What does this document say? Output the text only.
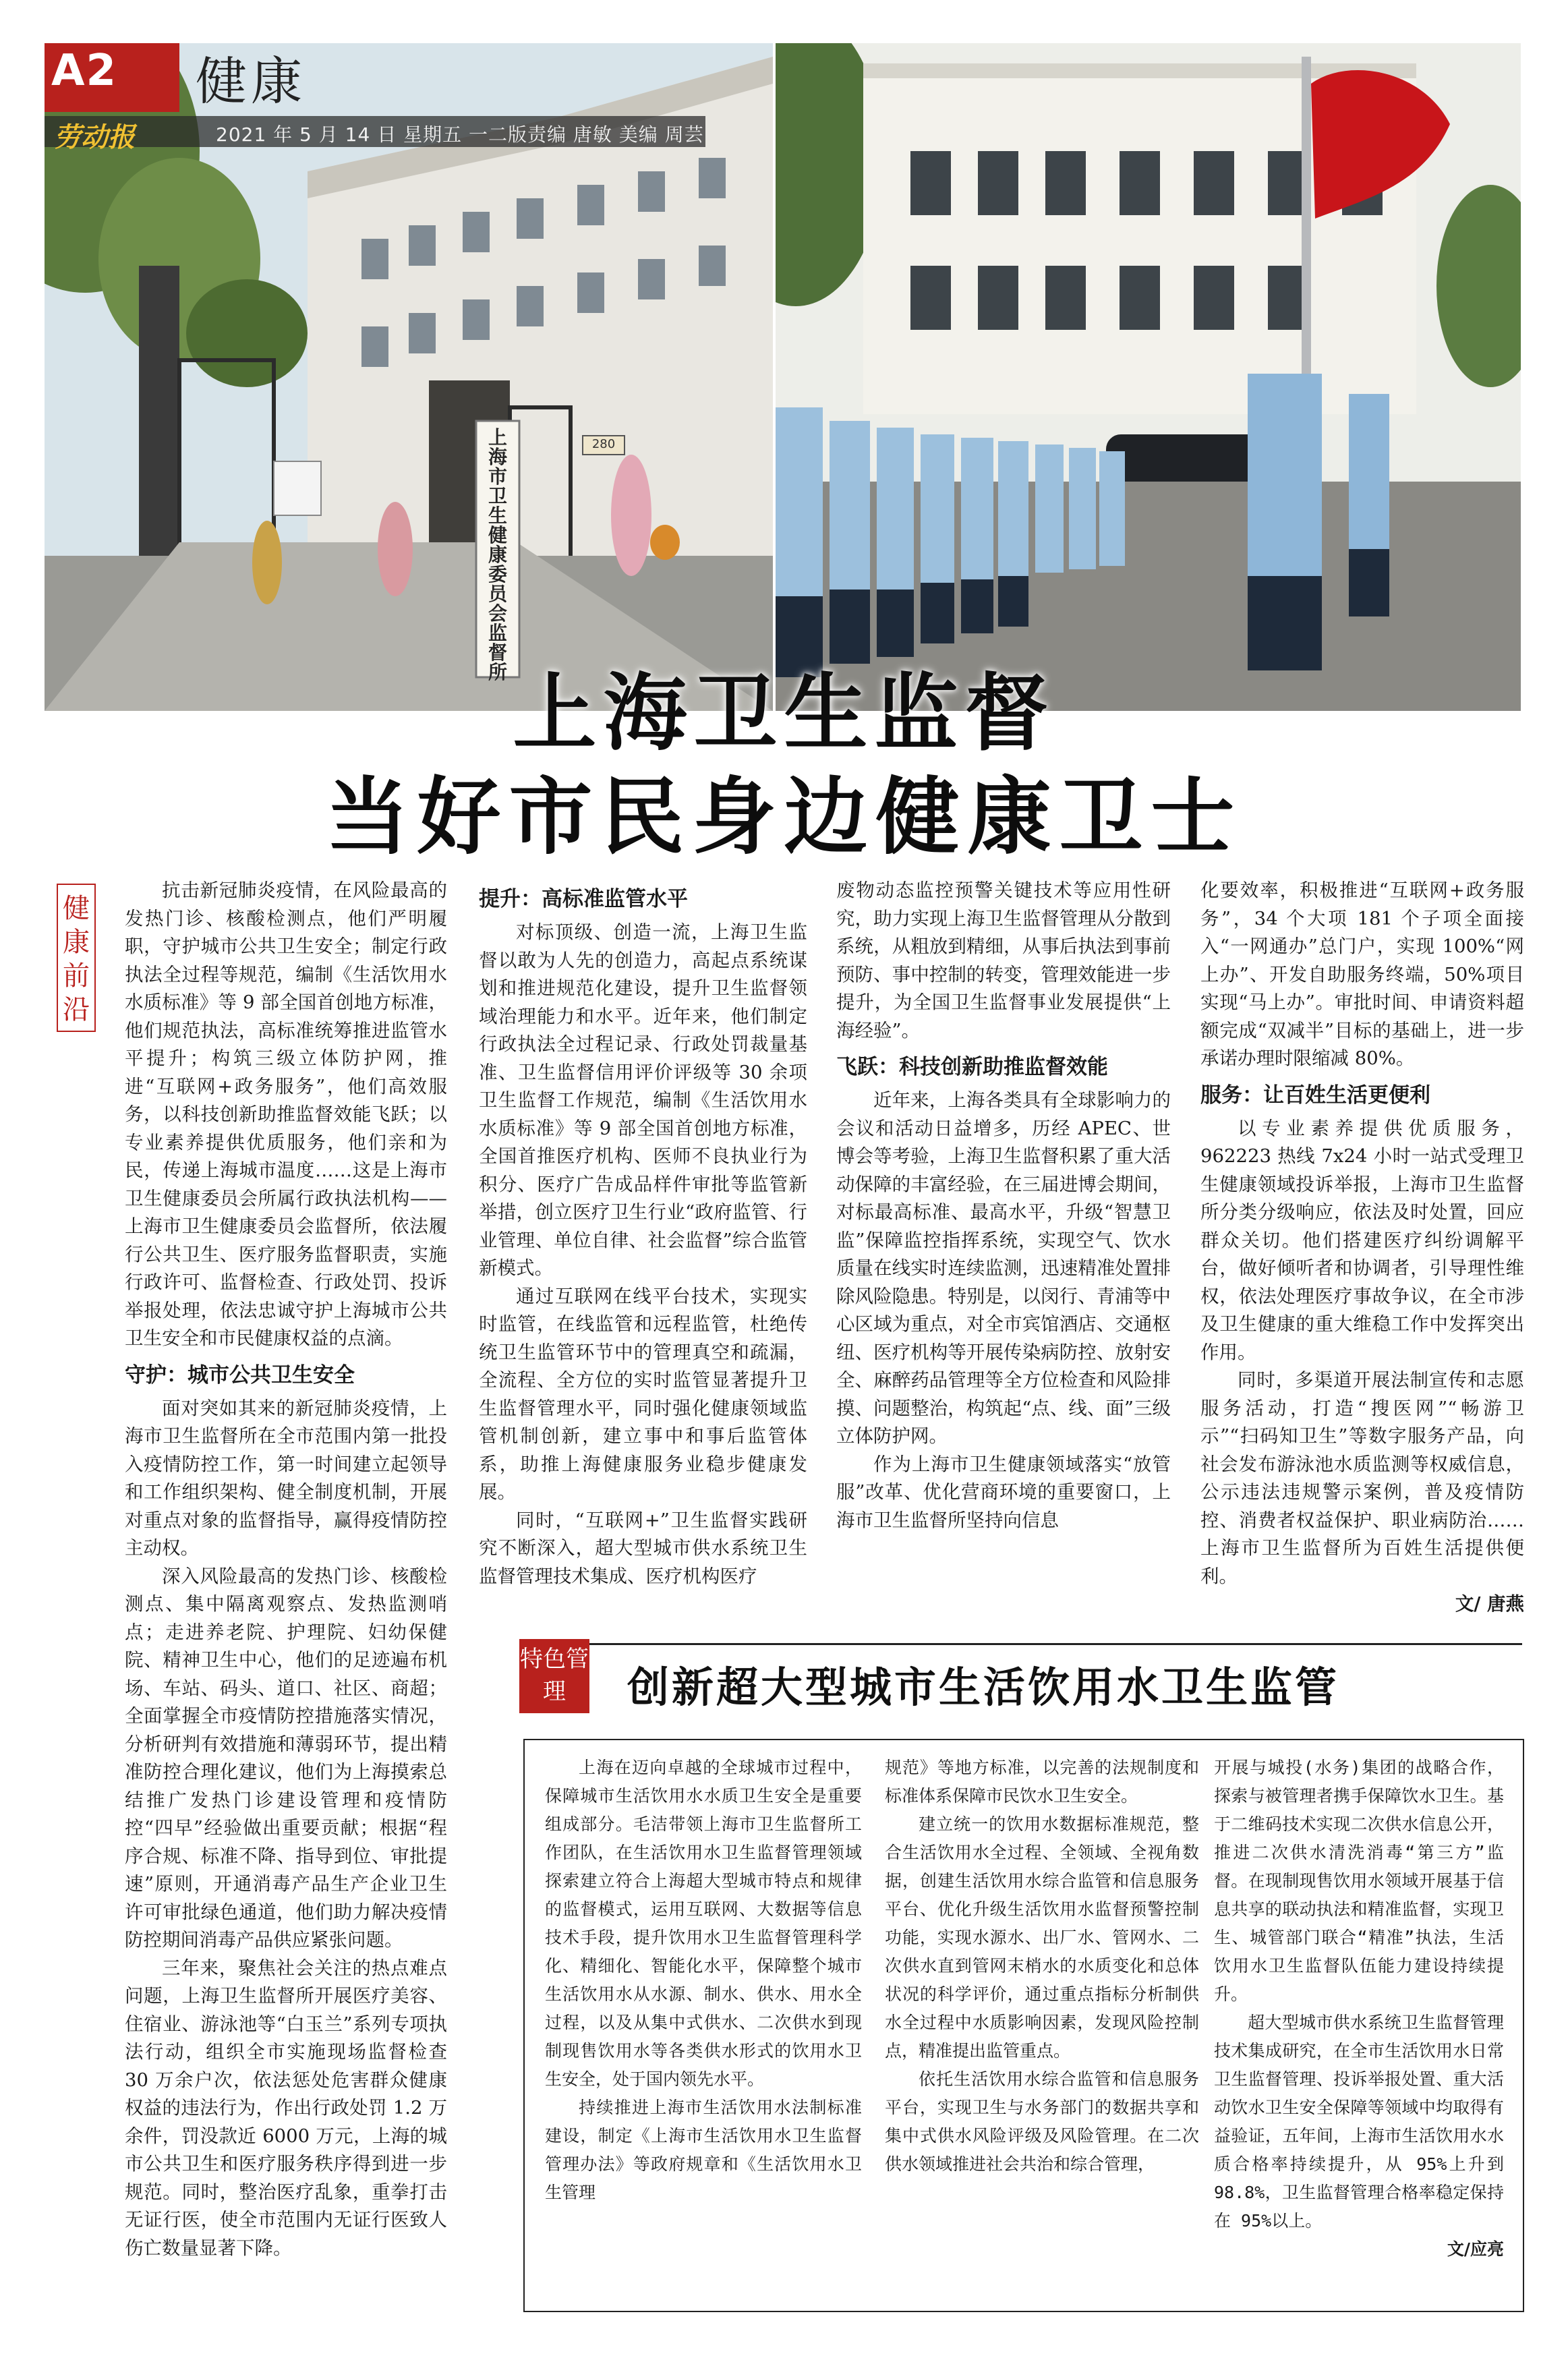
280
上海市卫生健康委员会监督所
A2 健康
劳动报	2021 年 5 月 14 日 星期五 一二版责编 唐敏 美编 周芸
上海卫生监督
当好市民身边健康卫士
健康前沿

抗击新冠肺炎疫情，在风险最高的发热门诊、核酸检测点，他们严明履职，守护城市公共卫生安全；制定行政执法全过程等规范，编制《生活饮用水水质标准》等 9 部全国首创地方标准，他们规范执法，高标准统筹推进监管水平提升；构筑三级立体防护网，推进“互联网+政务服务”，他们高效服务，以科技创新助推监督效能飞跃；以专业素养提供优质服务，他们亲和为民，传递上海城市温度……这是上海市卫生健康委员会所属行政执法机构——上海市卫生健康委员会监督所，依法履行公共卫生、医疗服务监督职责，实施行政许可、监督检查、行政处罚、投诉举报处理，依法忠诚守护上海城市公共卫生安全和市民健康权益的点滴。

守护：城市公共卫生安全

面对突如其来的新冠肺炎疫情，上海市卫生监督所在全市范围内第一批投入疫情防控工作，第一时间建立起领导和工作组织架构、健全制度机制，开展对重点对象的监督指导，赢得疫情防控主动权。

深入风险最高的发热门诊、核酸检测点、集中隔离观察点、发热监测哨点；走进养老院、护理院、妇幼保健院、精神卫生中心，他们的足迹遍布机场、车站、码头、道口、社区、商超；全面掌握全市疫情防控措施落实情况，分析研判有效措施和薄弱环节，提出精准防控合理化建议，他们为上海摸索总结推广发热门诊建设管理和疫情防控“四早”经验做出重要贡献；根据“程序合规、标准不降、指导到位、审批提速”原则，开通消毒产品生产企业卫生许可审批绿色通道，他们助力解决疫情防控期间消毒产品供应紧张问题。

三年来，聚焦社会关注的热点难点问题，上海卫生监督所开展医疗美容、住宿业、游泳池等“白玉兰”系列专项执法行动，组织全市实施现场监督检查 30 万余户次，依法惩处危害群众健康权益的违法行为，作出行政处罚 1.2 万余件，罚没款近 6000 万元，上海的城市公共卫生和医疗服务秩序得到进一步规范。同时，整治医疗乱象，重拳打击无证行医，使全市范围内无证行医致人伤亡数量显著下降。

提升：高标准监管水平

对标顶级、创造一流，上海卫生监督以敢为人先的创造力，高起点系统谋划和推进规范化建设，提升卫生监督领域治理能力和水平。近年来，他们制定行政执法全过程记录、行政处罚裁量基准、卫生监督信用评价评级等 30 余项卫生监督工作规范，编制《生活饮用水水质标准》等 9 部全国首创地方标准，全国首推医疗机构、医师不良执业行为积分、医疗广告成品样件审批等监管新举措，创立医疗卫生行业“政府监管、行业管理、单位自律、社会监督”综合监管新模式。

通过互联网在线平台技术，实现实时监管，在线监管和远程监管，杜绝传统卫生监管环节中的管理真空和疏漏，全流程、全方位的实时监管显著提升卫生监督管理水平，同时强化健康领域监管机制创新，建立事中和事后监管体系，助推上海健康服务业稳步健康发展。

同时，“互联网+”卫生监督实践研究不断深入，超大型城市供水系统卫生监督管理技术集成、医疗机构医疗

废物动态监控预警关键技术等应用性研究，助力实现上海卫生监督管理从分散到系统，从粗放到精细，从事后执法到事前预防、事中控制的转变，管理效能进一步提升，为全国卫生监督事业发展提供“上海经验”。

飞跃：科技创新助推监督效能

近年来，上海各类具有全球影响力的会议和活动日益增多，历经 APEC、世博会等考验，上海卫生监督积累了重大活动保障的丰富经验，在三届进博会期间，对标最高标准、最高水平，升级“智慧卫监”保障监控指挥系统，实现空气、饮水质量在线实时连续监测，迅速精准处置排除风险隐患。特别是，以闵行、青浦等中心区域为重点，对全市宾馆酒店、交通枢纽、医疗机构等开展传染病防控、放射安全、麻醉药品管理等全方位检查和风险排摸、问题整治，构筑起“点、线、面”三级立体防护网。

作为上海市卫生健康领域落实“放管服”改革、优化营商环境的重要窗口，上海市卫生监督所坚持向信息

化要效率，积极推进“互联网+政务服务”，34 个大项 181 个子项全面接入“一网通办”总门户，实现 100%“网上办”、开发自助服务终端，50%项目实现“马上办”。审批时间、申请资料超额完成“双减半”目标的基础上，进一步承诺办理时限缩减 80%。

服务：让百姓生活更便利

以专业素养提供优质服务，962223 热线 7x24 小时一站式受理卫生健康领域投诉举报，上海市卫生监督所分类分级响应，依法及时处置，回应群众关切。他们搭建医疗纠纷调解平台，做好倾听者和协调者，引导理性维权，依法处理医疗事故争议，在全市涉及卫生健康的重大维稳工作中发挥突出作用。

同时，多渠道开展法制宣传和志愿服务活动，打造“搜医网”“畅游卫示”“扫码知卫生”等数字服务产品，向社会发布游泳池水质监测等权威信息，公示违法违规警示案例，普及疫情防控、消费者权益保护、职业病防治……上海市卫生监督所为百姓生活提供便利。

文/ 唐燕
特色管理	创新超大型城市生活饮用水卫生监管

上海在迈向卓越的全球城市过程中，保障城市生活饮用水水质卫生安全是重要组成部分。毛洁带领上海市卫生监督所工作团队，在生活饮用水卫生监督管理领域探索建立符合上海超大型城市特点和规律的监督模式，运用互联网、大数据等信息技术手段，提升饮用水卫生监督管理科学化、精细化、智能化水平，保障整个城市生活饮用水从水源、制水、供水、用水全过程，以及从集中式供水、二次供水到现制现售饮用水等各类供水形式的饮用水卫生安全，处于国内领先水平。

持续推进上海市生活饮用水法制标准建设，制定《上海市生活饮用水卫生监督管理办法》等政府规章和《生活饮用水卫生管理

规范》等地方标准，以完善的法规制度和标准体系保障市民饮水卫生安全。

建立统一的饮用水数据标准规范，整合生活饮用水全过程、全领域、全视角数据，创建生活饮用水综合监管和信息服务平台、优化升级生活饮用水监督预警控制功能，实现水源水、出厂水、管网水、二次供水直到管网末梢水的水质变化和总体状况的科学评价，通过重点指标分析制供水全过程中水质影响因素，发现风险控制点，精准提出监管重点。

依托生活饮用水综合监管和信息服务平台，实现卫生与水务部门的数据共享和集中式供水风险评级及风险管理。在二次供水领域推进社会共治和综合管理，

开展与城投(水务)集团的战略合作，探索与被管理者携手保障饮水卫生。基于二维码技术实现二次供水信息公开，推进二次供水清洗消毒“第三方”监督。在现制现售饮用水领域开展基于信息共享的联动执法和精准监督，实现卫生、城管部门联合“精准”执法，生活饮用水卫生监督队伍能力建设持续提升。

超大型城市供水系统卫生监督管理技术集成研究，在全市生活饮用水日常卫生监督管理、投诉举报处置、重大活动饮水卫生安全保障等领域中均取得有益验证，五年间，上海市生活饮用水水质合格率持续提升，从 95%上升到 98.8%，卫生监督管理合格率稳定保持在 95%以上。

文/应亮
